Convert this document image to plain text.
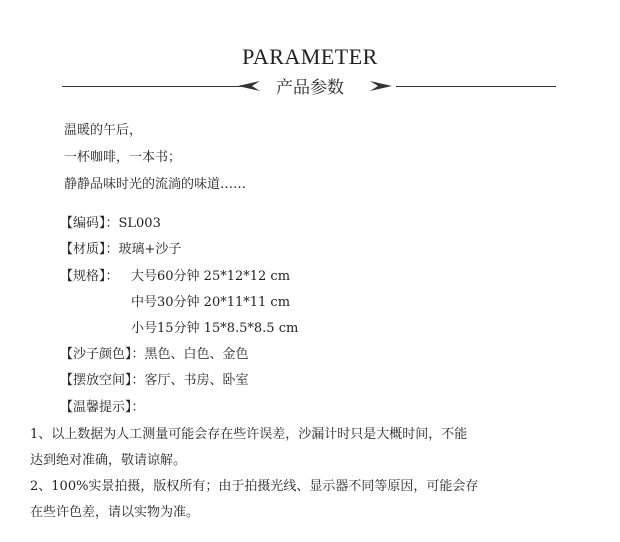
PARAMETER
产品参数
温暖的午后，
一杯咖啡，一本书；
静静品味时光的流淌的味道……
【编码】：SL003
【材质】：玻璃+沙子
【规格】： 大号60分钟 25*12*12 cm
中号30分钟 20*11*11 cm
小号15分钟 15*8.5*8.5 cm
【沙子颜色】：黑色、白色、金色
【摆放空间】：客厅、书房、卧室
【温馨提示】：
1、以上数据为人工测量可能会存在些许误差，沙漏计时只是大概时间，不能
达到绝对准确，敬请谅解。
2、100%实景拍摄，版权所有；由于拍摄光线、显示器不同等原因，可能会存
在些许色差，请以实物为准。
